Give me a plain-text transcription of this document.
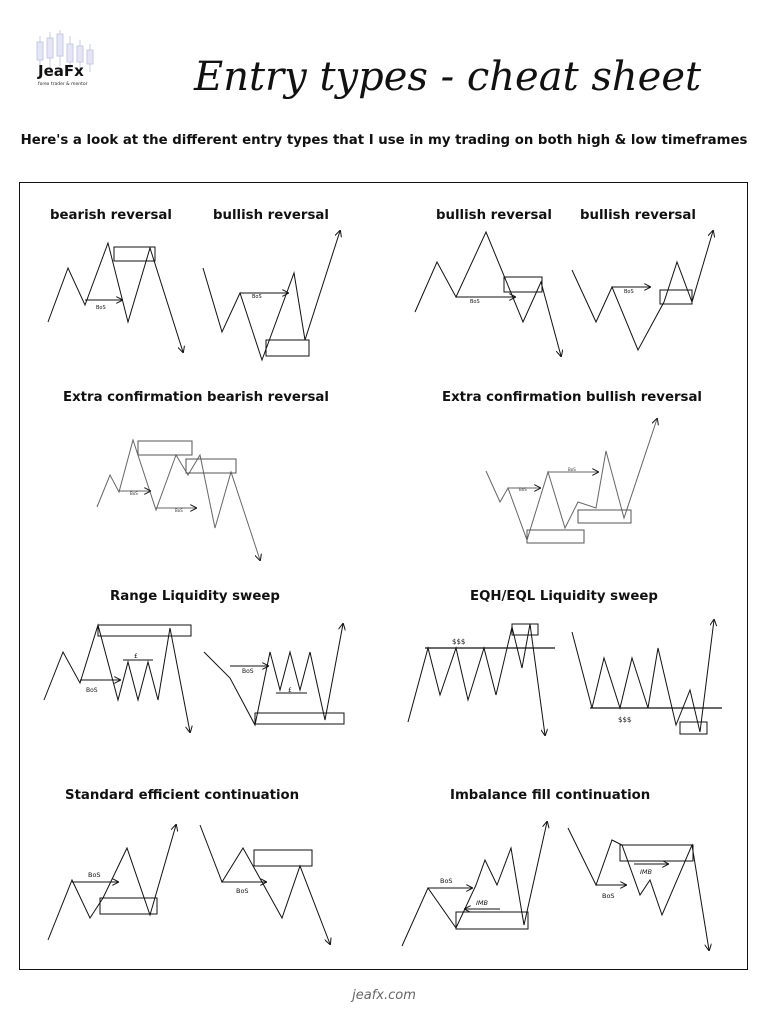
JeaFx
forex trader & mentor	Entry types - cheat sheet
Here's a look at the different entry types that I use in my trading on both high & low timeframes
bearish reversal	bullish reversal	bullish reversal bullish reversal
Extra confirmation bearish reversal	Extra confirmation bullish reversal
Range Liquidity sweep	EQH/EQL Liquidity sweep
Standard efficient continuation	Imbalance fill continuation
BoS
BoS
BoS
BoS
BoS
BoS
BoS
BoS
BoS
£
BoS
£
$$$
$$$
BoS
BoS
BoS
IMB
BoS
IMB
jeafx.com
